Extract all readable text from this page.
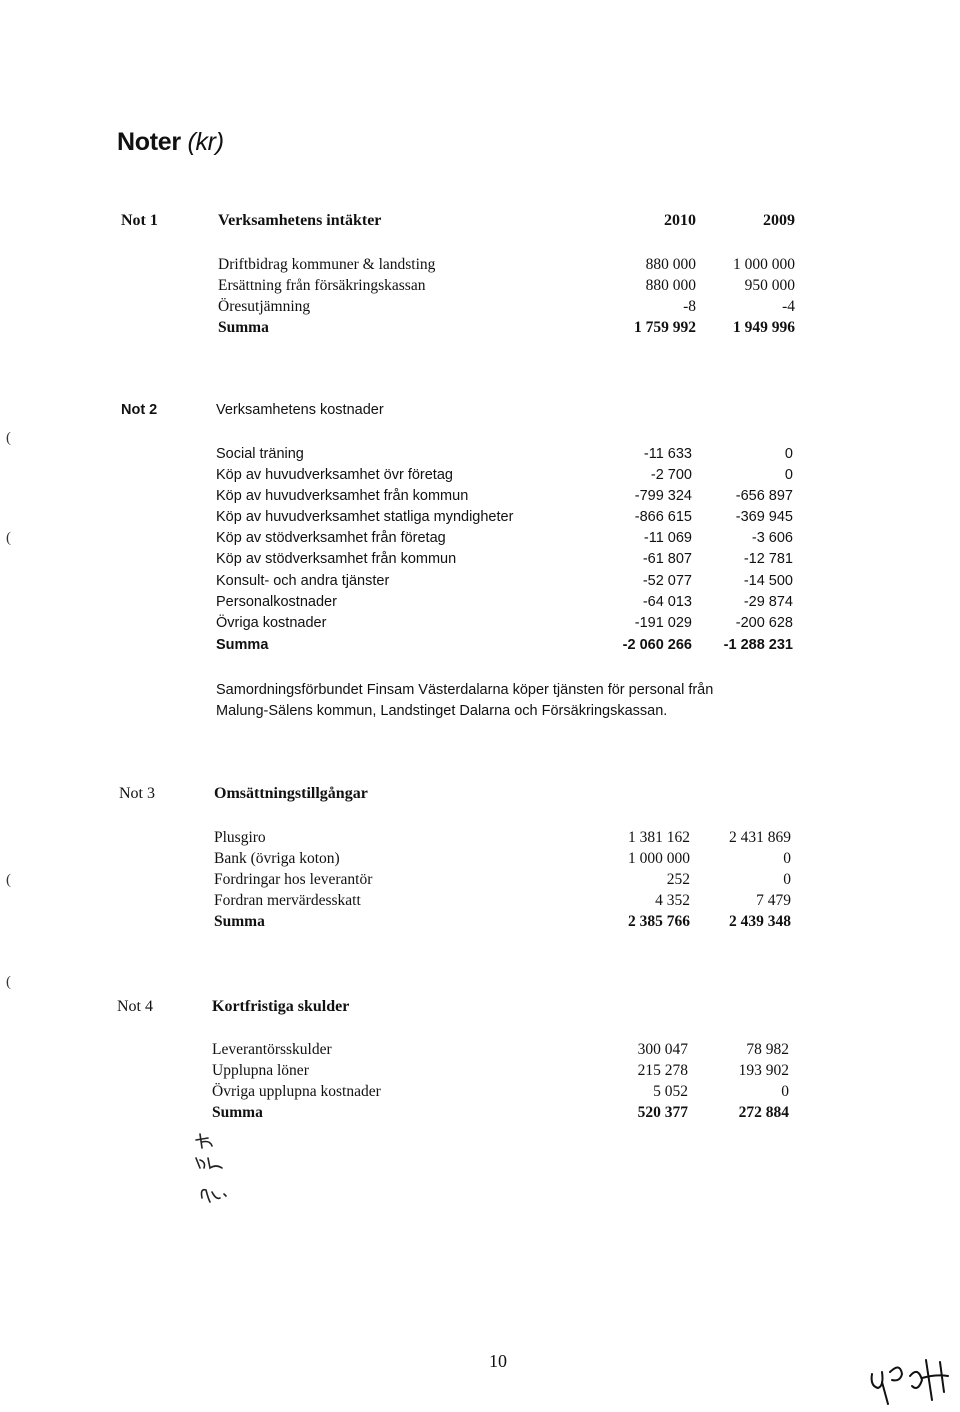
Noter (kr)
Not 1	Verksamhetens intäkter	2010	2009
Driftbidrag kommuner & landsting	880 000	1 000 000
Ersättning från försäkringskassan	880 000	950 000
Öresutjämning	-8	-4
Summa	1 759 992	1 949 996
Not 2	Verksamhetens kostnader
Social träning	-11 633	0
Köp av huvudverksamhet övr företag	-2 700	0
Köp av huvudverksamhet från kommun	-799 324	-656 897
Köp av huvudverksamhet statliga myndigheter	-866 615	-369 945
Köp av stödverksamhet från företag	-11 069	-3 606
Köp av stödverksamhet från kommun	-61 807	-12 781
Konsult- och andra tjänster	-52 077	-14 500
Personalkostnader	-64 013	-29 874
Övriga kostnader	-191 029	-200 628
Summa	-2 060 266	-1 288 231
Samordningsförbundet Finsam Västerdalarna köper tjänsten för personal från
Malung-Sälens kommun, Landstinget Dalarna och Försäkringskassan.
Not 3	Omsättningstillgångar
Plusgiro	1 381 162	2 431 869
Bank (övriga koton)	1 000 000	0
Fordringar hos leverantör	252	0
Fordran mervärdesskatt	4 352	7 479
Summa	2 385 766	2 439 348
Not 4	Kortfristiga skulder
Leverantörsskulder	300 047	78 982
Upplupna löner	215 278	193 902
Övriga upplupna kostnader	5 052	0
Summa	520 377	272 884
10
(
(
(
(
